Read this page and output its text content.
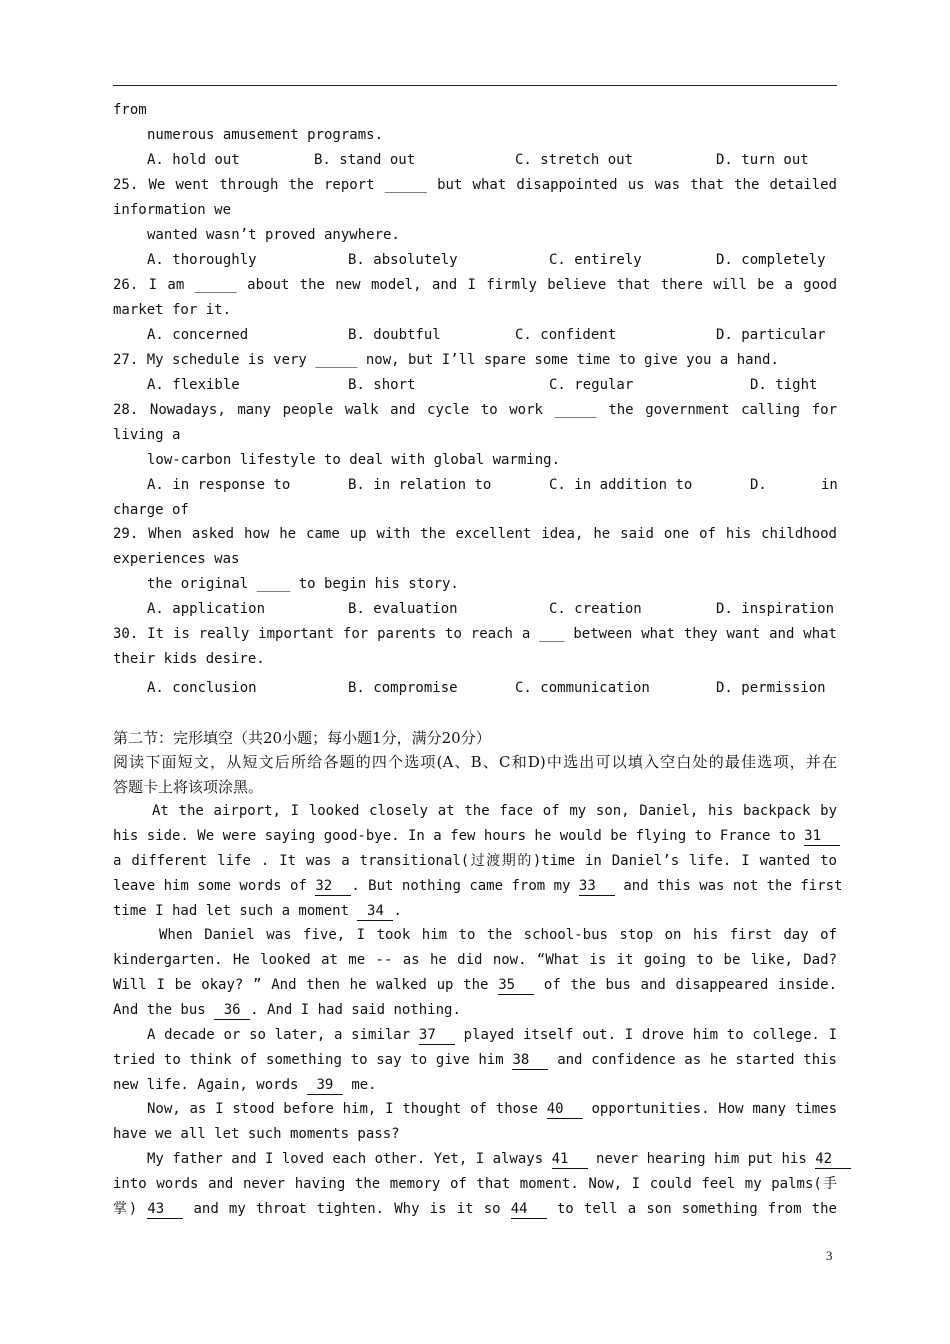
from
numerous amusement programs.
A. hold out	B. stand out	C. stretch out	D. turn out
25. We went through the report _____ but what disappointed us was that the detailed
information we
wanted wasn’t proved anywhere.
A. thoroughly	B. absolutely	C. entirely	D. completely
26. I am _____ about the new model, and I firmly believe that there will be a good
market for it.
A. concerned	B. doubtful	C. confident	D. particular
27. My schedule is very _____ now, but I’ll spare some time to give you a hand.
A. flexible	B. short	C. regular	D. tight
28. Nowadays, many people walk and cycle to work _____ the government calling for
living a
low-carbon lifestyle to deal with global warming.
A. in response to	B. in relation to	C. in addition to	D.	in
charge of
29. When asked how he came up with the excellent idea, he said one of his childhood
experiences was
the original ____ to begin his story.
A. application	B. evaluation	C. creation	D. inspiration
30. It is really important for parents to reach a ___ between what they want and what
their kids desire.
A. conclusion	B. compromise	C. communication	D. permission
第二节：完形填空（共20小题；每小题1分，满分20分）
阅读下面短文，从短文后所给各题的四个选项(A、B、C和D)中选出可以填入空白处的最佳选项，并在
答题卡上将该项涂黑。
At the airport, I looked closely at the face of my son, Daniel, his backpack by
his side. We were saying good-bye. In a few hours he would be flying to France to 31
a different life . It was a transitional(过渡期的)time in Daniel’s life. I wanted to
leave him some words of 32 . But nothing came from my 33 and this was not the first
time I had let such a moment 34 .
When Daniel was five, I took him to the school-bus stop on his first day of
kindergarten. He looked at me -- as he did now. “What is it going to be like, Dad?
Will I be okay? ” And then he walked up the 35 of the bus and disappeared inside.
And the bus 36 . And I had said nothing.
A decade or so later, a similar 37 played itself out. I drove him to college. I
tried to think of something to say to give him 38 and confidence as he started this
new life. Again, words 39 me.
Now, as I stood before him, I thought of those 40 opportunities. How many times
have we all let such moments pass?
My father and I loved each other. Yet, I always 41 never hearing him put his 42
into words and never having the memory of that moment. Now, I could feel my palms(手
掌) 43 and my throat tighten. Why is it so 44 to tell a son something from the
3
